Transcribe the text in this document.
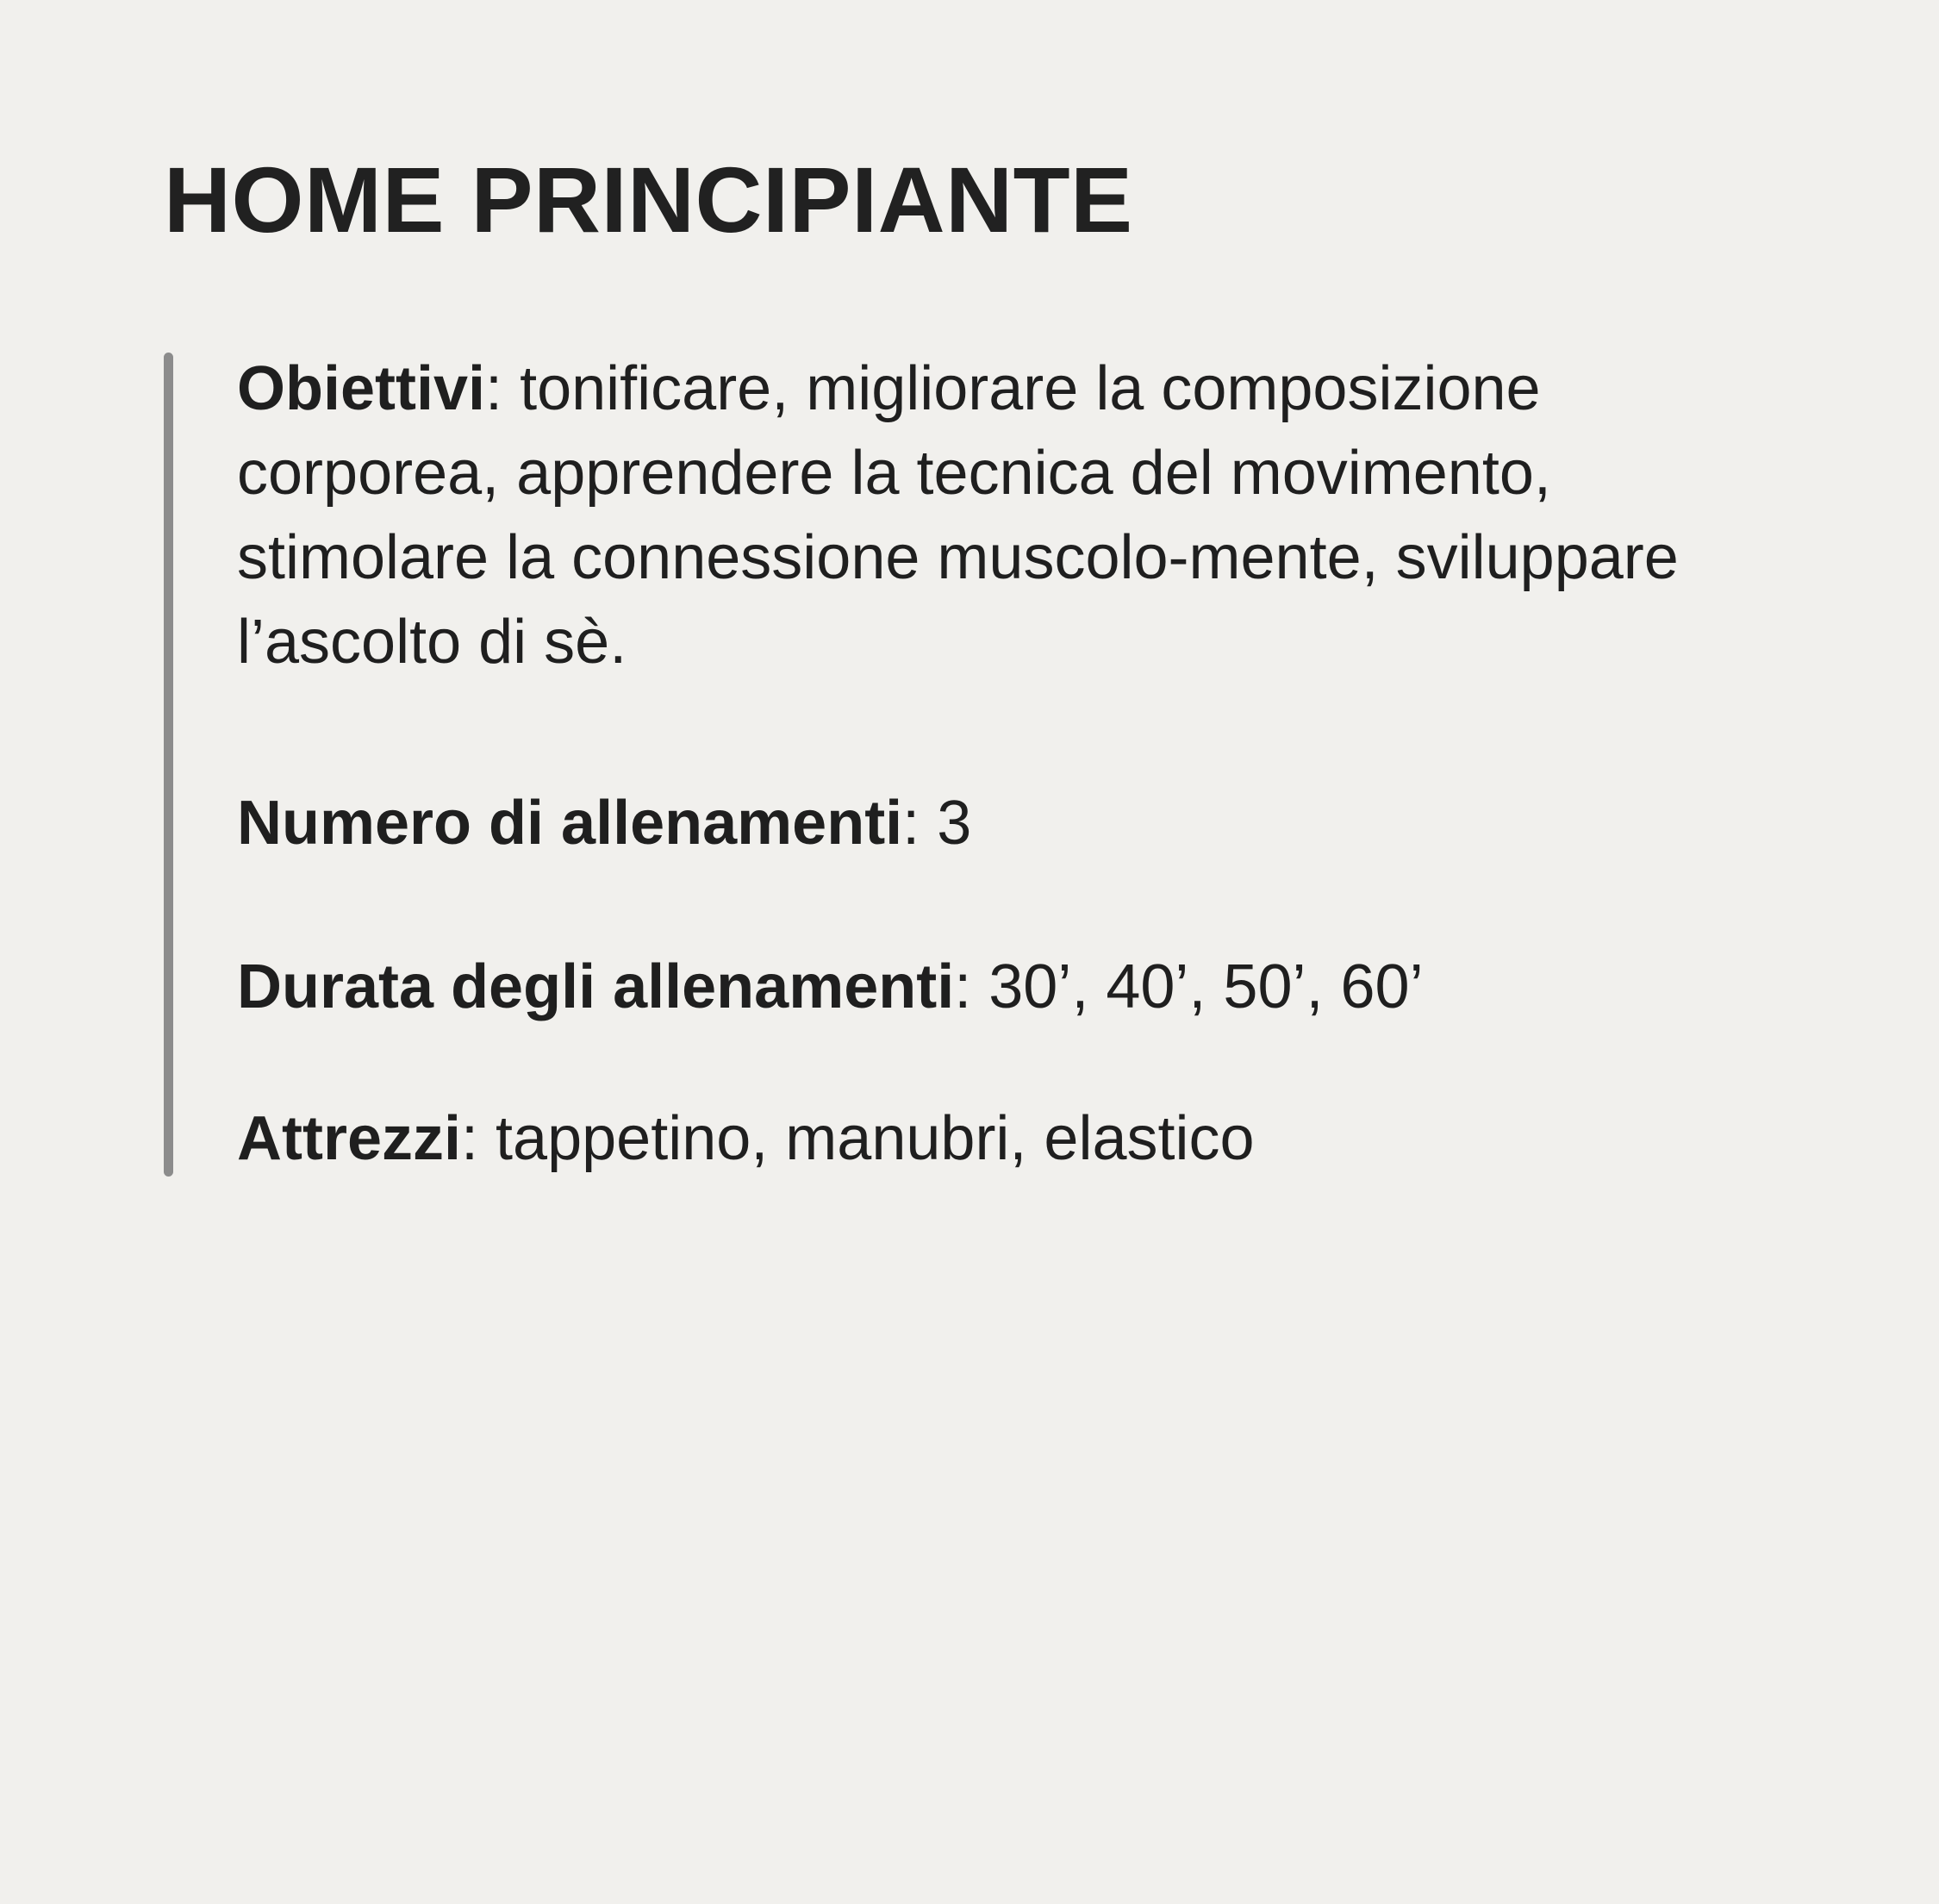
HOME PRINCIPIANTE

Obiettivi: tonificare, migliorare la composizione corporea, apprendere la tecnica del movimento, stimolare la connessione muscolo-mente, sviluppare l’ascolto di sè.

Numero di allenamenti: 3

Durata degli allenamenti: 30’, 40’, 50’, 60’

Attrezzi: tappetino, manubri, elastico
